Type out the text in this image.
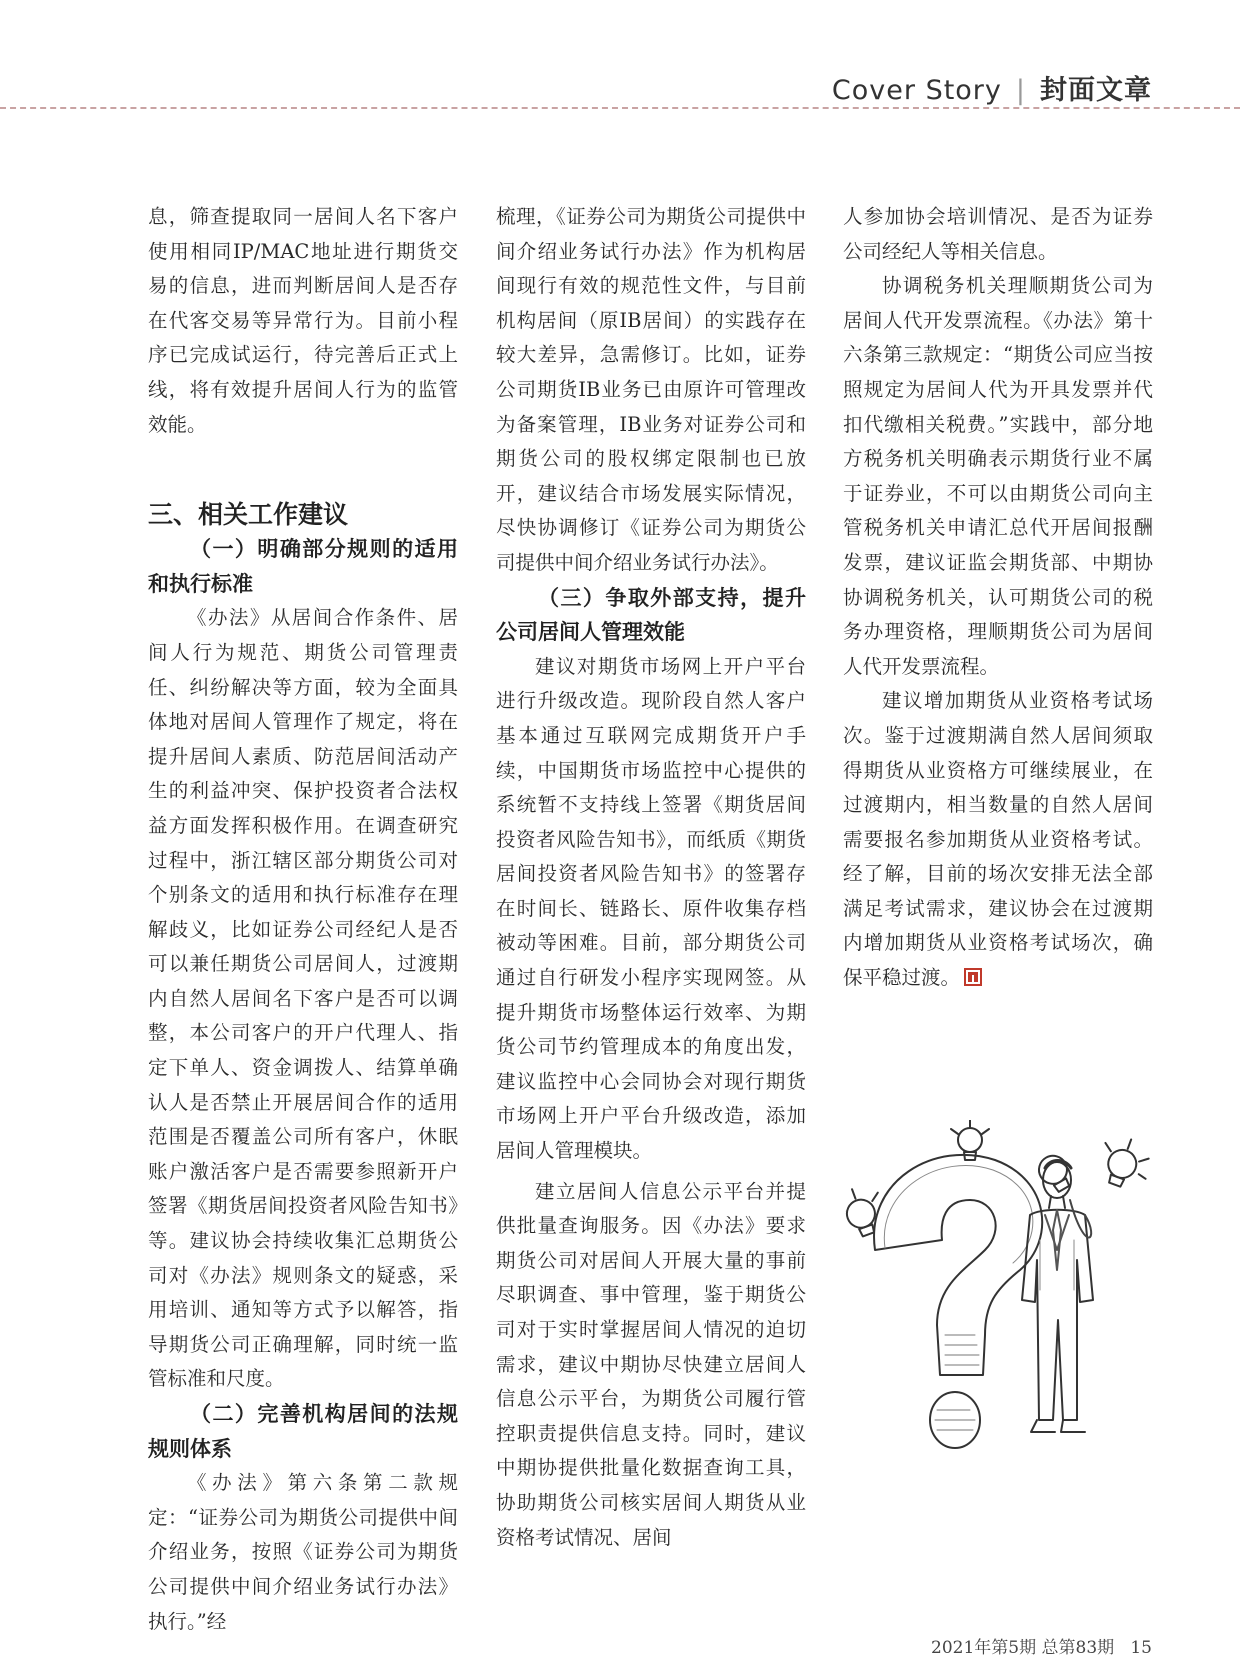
Cover Story | 封面文章

息，筛查提取同一居间人名下客户使用相同IP/MAC地址进行期货交易的信息，进而判断居间人是否存在代客交易等异常行为。目前小程序已完成试运行，待完善后正式上线，将有效提升居间人行为的监管效能。

三、相关工作建议
（一）明确部分规则的适用和执行标准

《办法》从居间合作条件、居间人行为规范、期货公司管理责任、纠纷解决等方面，较为全面具体地对居间人管理作了规定，将在提升居间人素质、防范居间活动产生的利益冲突、保护投资者合法权益方面发挥积极作用。在调查研究过程中，浙江辖区部分期货公司对个别条文的适用和执行标准存在理解歧义，比如证券公司经纪人是否可以兼任期货公司居间人，过渡期内自然人居间名下客户是否可以调整，本公司客户的开户代理人、指定下单人、资金调拨人、结算单确认人是否禁止开展居间合作的适用范围是否覆盖公司所有客户，休眠账户激活客户是否需要参照新开户签署《期货居间投资者风险告知书》等。建议协会持续收集汇总期货公司对《办法》规则条文的疑惑，采用培训、通知等方式予以解答，指导期货公司正确理解，同时统一监管标准和尺度。

（二）完善机构居间的法规规则体系

《办法》第六条第二款规定：“证券公司为期货公司提供中间介绍业务，按照《证券公司为期货公司提供中间介绍业务试行办法》执行。”经

梳理，《证券公司为期货公司提供中间介绍业务试行办法》作为机构居间现行有效的规范性文件，与目前机构居间（原IB居间）的实践存在较大差异，急需修订。比如，证券公司期货IB业务已由原许可管理改为备案管理，IB业务对证券公司和期货公司的股权绑定限制也已放开，建议结合市场发展实际情况，尽快协调修订《证券公司为期货公司提供中间介绍业务试行办法》。

（三）争取外部支持，提升公司居间人管理效能

建议对期货市场网上开户平台进行升级改造。现阶段自然人客户基本通过互联网完成期货开户手续，中国期货市场监控中心提供的系统暂不支持线上签署《期货居间投资者风险告知书》，而纸质《期货居间投资者风险告知书》的签署存在时间长、链路长、原件收集存档被动等困难。目前，部分期货公司通过自行研发小程序实现网签。从提升期货市场整体运行效率、为期货公司节约管理成本的角度出发，建议监控中心会同协会对现行期货市场网上开户平台升级改造，添加居间人管理模块。

建立居间人信息公示平台并提供批量查询服务。因《办法》要求期货公司对居间人开展大量的事前尽职调查、事中管理，鉴于期货公司对于实时掌握居间人情况的迫切需求，建议中期协尽快建立居间人信息公示平台，为期货公司履行管控职责提供信息支持。同时，建议中期协提供批量化数据查询工具，协助期货公司核实居间人期货从业资格考试情况、居间

人参加协会培训情况、是否为证券公司经纪人等相关信息。

协调税务机关理顺期货公司为居间人代开发票流程。《办法》第十六条第三款规定：“期货公司应当按照规定为居间人代为开具发票并代扣代缴相关税费。”实践中，部分地方税务机关明确表示期货行业不属于证券业，不可以由期货公司向主管税务机关申请汇总代开居间报酬发票，建议证监会期货部、中期协协调税务机关，认可期货公司的税务办理资格，理顺期货公司为居间人代开发票流程。

建议增加期货从业资格考试场次。鉴于过渡期满自然人居间须取得期货从业资格方可继续展业，在过渡期内，相当数量的自然人居间需要报名参加期货从业资格考试。经了解，目前的场次安排无法全部满足考试需求，建议协会在过渡期内增加期货从业资格考试场次，确保平稳过渡。

2021年第5期 总第83期 15
